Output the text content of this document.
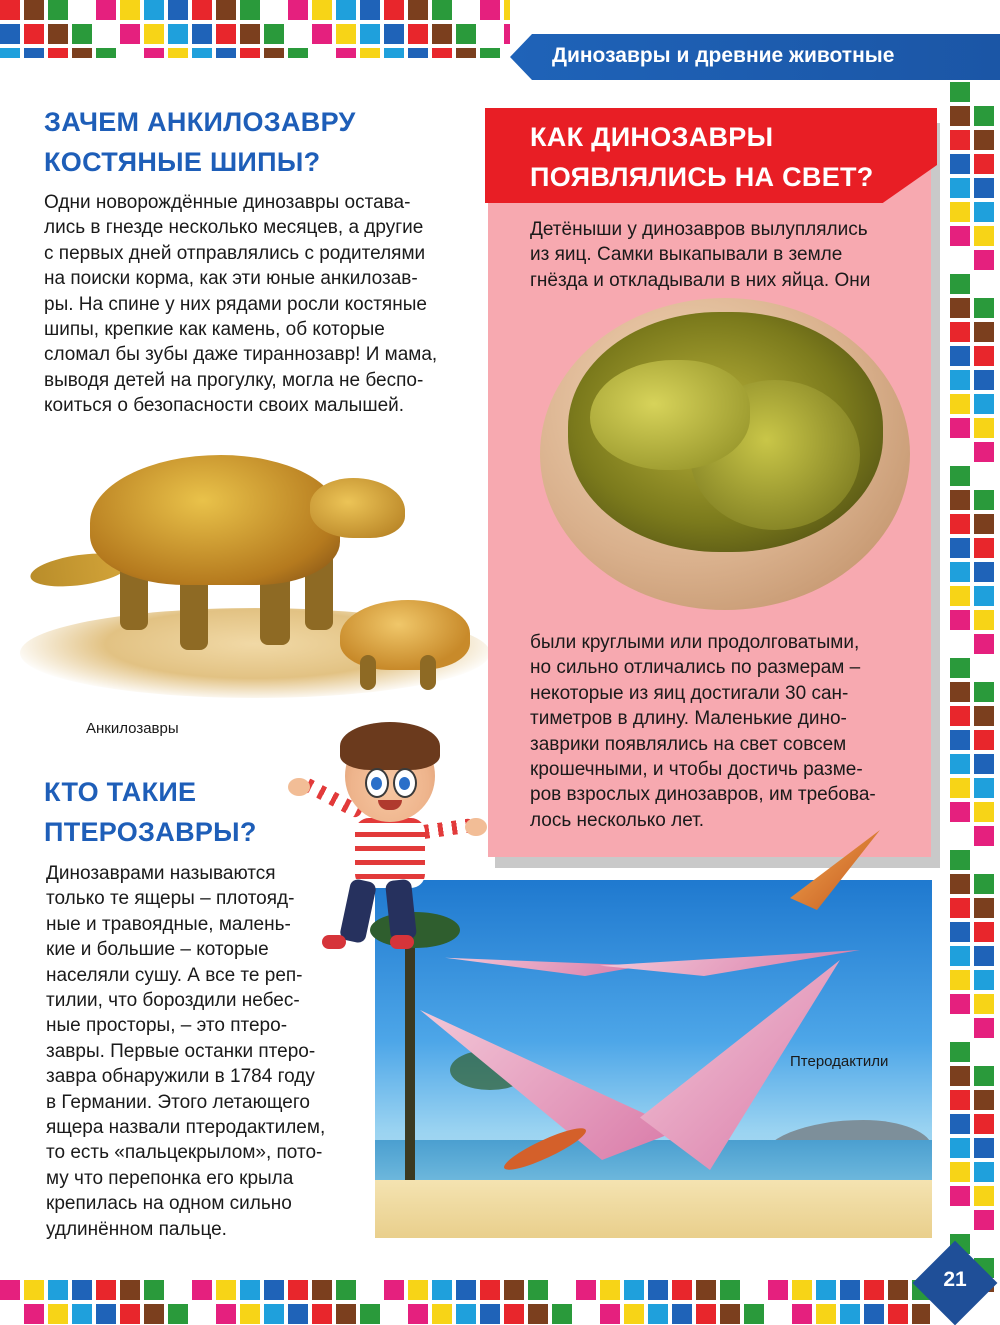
Динозавры и древние животные
ЗАЧЕМ АНКИЛОЗАВРУ
КОСТЯНЫЕ ШИПЫ?
Одни новорождённые динозавры остава-
лись в гнезде несколько месяцев, а другие
с первых дней отправлялись с родителями
на поиски корма, как эти юные анкилозав-
ры. На спине у них рядами росли костяные
шипы, крепкие как камень, об которые
сломал бы зубы даже тираннозавр! И мама,
выводя детей на прогулку, могла не беспо-
коиться о безопасности своих малышей.
Анкилозавры
КАК ДИНОЗАВРЫ
ПОЯВЛЯЛИСЬ НА СВЕТ?
Детёныши у динозавров вылуплялись
из яиц. Самки выкапывали в земле
гнёзда и откладывали в них яйца. Они
были круглыми или продолговатыми,
но сильно отличались по размерам –
некоторые из яиц достигали 30 сан-
тиметров в длину. Маленькие дино-
заврики появлялись на свет совсем
крошечными, и чтобы достичь разме-
ров взрослых динозавров, им требова-
лось несколько лет.
КТО ТАКИЕ
ПТЕРОЗАВРЫ?
Динозаврами называются
только те ящеры – плотояд-
ные и травоядные, малень-
кие и большие – которые
населяли сушу. А все те реп-
тилии, что бороздили небес-
ные просторы, – это птеро-
завры. Первые останки птеро-
завра обнаружили в 1784 году
в Германии. Этого летающего
ящера назвали птеродактилем,
то есть «пальцекрылом», пото-
му что перепонка его крыла
крепилась на одном сильно
удлинённом пальце.
Птеродактили
21
